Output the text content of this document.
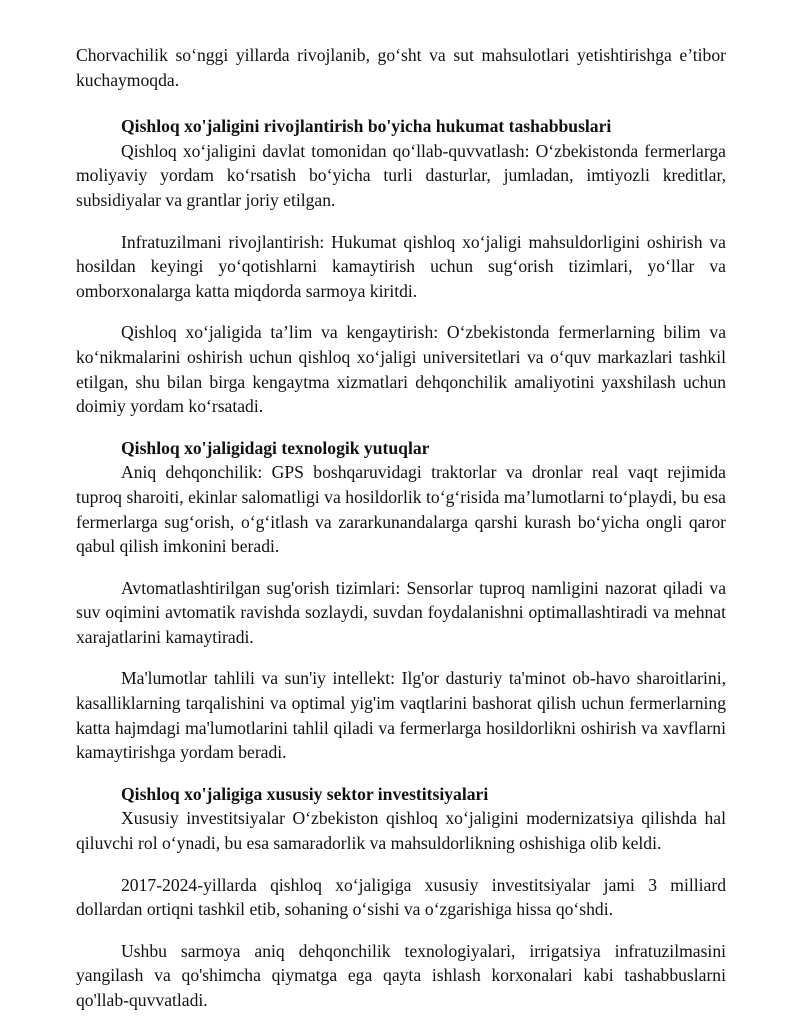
Chorvachilik so‘nggi yillarda rivojlanib, go‘sht va sut mahsulotlari yetishtirishga e’tibor kuchaymoqda.

Qishloq xo'jaligini rivojlantirish bo'yicha hukumat tashabbuslari

Qishloq xo‘jaligini davlat tomonidan qo‘llab-quvvatlash: O‘zbekistonda fermerlarga moliyaviy yordam ko‘rsatish bo‘yicha turli dasturlar, jumladan, imtiyozli kreditlar, subsidiyalar va grantlar joriy etilgan.

Infratuzilmani rivojlantirish: Hukumat qishloq xo‘jaligi mahsuldorligini oshirish va hosildan keyingi yo‘qotishlarni kamaytirish uchun sug‘orish tizimlari, yo‘llar va omborxonalarga katta miqdorda sarmoya kiritdi.

Qishloq xo‘jaligida ta’lim va kengaytirish: O‘zbekistonda fermerlarning bilim va ko‘nikmalarini oshirish uchun qishloq xo‘jaligi universitetlari va o‘quv markazlari tashkil etilgan, shu bilan birga kengaytma xizmatlari dehqonchilik amaliyotini yaxshilash uchun doimiy yordam ko‘rsatadi.

Qishloq xo'jaligidagi texnologik yutuqlar

Aniq dehqonchilik: GPS boshqaruvidagi traktorlar va dronlar real vaqt rejimida tuproq sharoiti, ekinlar salomatligi va hosildorlik to‘g‘risida ma’lumotlarni to‘playdi, bu esa fermerlarga sug‘orish, o‘g‘itlash va zararkunandalarga qarshi kurash bo‘yicha ongli qaror qabul qilish imkonini beradi.

Avtomatlashtirilgan sug'orish tizimlari: Sensorlar tuproq namligini nazorat qiladi va suv oqimini avtomatik ravishda sozlaydi, suvdan foydalanishni optimallashtiradi va mehnat xarajatlarini kamaytiradi.

Ma'lumotlar tahlili va sun'iy intellekt: Ilg'or dasturiy ta'minot ob-havo sharoitlarini, kasalliklarning tarqalishini va optimal yig'im vaqtlarini bashorat qilish uchun fermerlarning katta hajmdagi ma'lumotlarini tahlil qiladi va fermerlarga hosildorlikni oshirish va xavflarni kamaytirishga yordam beradi.

Qishloq xo'jaligiga xususiy sektor investitsiyalari

Xususiy investitsiyalar O‘zbekiston qishloq xo‘jaligini modernizatsiya qilishda hal qiluvchi rol o‘ynadi, bu esa samaradorlik va mahsuldorlikning oshishiga olib keldi.

2017-2024-yillarda qishloq xo‘jaligiga xususiy investitsiyalar jami 3 milliard dollardan ortiqni tashkil etib, sohaning o‘sishi va o‘zgarishiga hissa qo‘shdi.

Ushbu sarmoya aniq dehqonchilik texnologiyalari, irrigatsiya infratuzilmasini yangilash va qo'shimcha qiymatga ega qayta ishlash korxonalari kabi tashabbuslarni qo'llab-quvvatladi.
